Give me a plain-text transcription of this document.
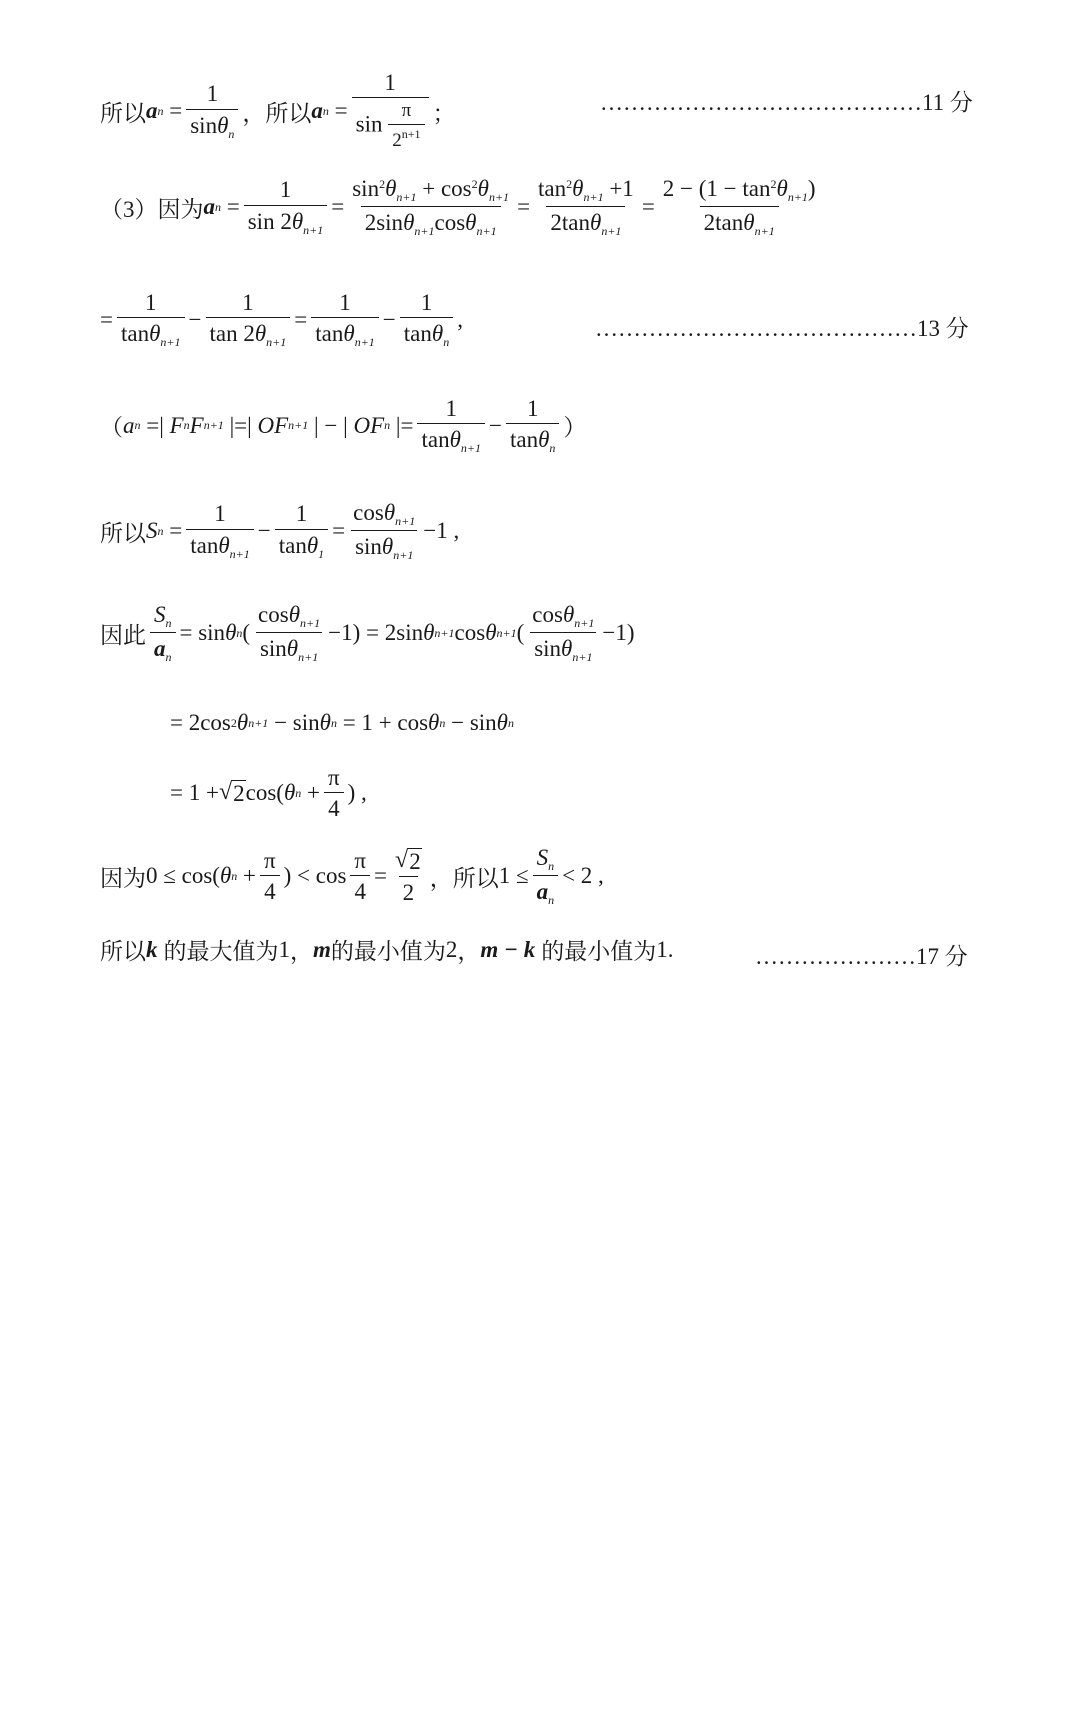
所以 a $n = \frac{1}{\sin\theta_n}$ ， 所以 a $n = \frac{1}{\sin \frac{\pi}{2^{n+1}}}$ ；	……………………………………11 分
（3）因为 a $n = \frac{1}{\sin 2\theta_{n+1}} = \frac{\sin^2\theta_{n+1} + \cos^2\theta_{n+1}}{2\sin\theta_{n+1}\cos\theta_{n+1}} = \frac{\tan^2\theta_{n+1} +1}{2\tan\theta_{n+1}} = \frac{2 - (1 - \tan^2\theta_{n+1})}{2\tan\theta_{n+1}}$
= $\frac{1}{\tan\theta_{n+1}} - \frac{1}{\tan 2\theta_{n+1}} = \frac{1}{\tan\theta_{n+1}} - \frac{1}{\tan\theta_n}$ ,	……………………………………13 分
（ a n =| F n F n+1 |=| OF n+1 | − | OF n |= $\frac{1}{\tan\theta_{n+1}} - \frac{1}{\tan\theta_n}$ ）
所以 S $n = \frac{1}{\tan\theta_{n+1}} - \frac{1}{\tan\theta_1} = \frac{\cos\theta_{n+1}}{\sin\theta_{n+1}} -1$ ,
因此 $\frac{S_n}{a_n} = \sin \theta$ n ( $\frac{\cos\theta_{n+1}}{\sin\theta_{n+1}} -1) = 2\sin$ θ n+1 cos θ n+1 ( $\frac{\cos\theta_{n+1}}{\sin\theta_{n+1}} -1$)
= 2cos 2 θ n+1 − sin θ n = 1 + cos θ n − sin θ n
= 1 + √ 2 cos( θ $n + \frac{\pi}{4}$ ) ,
因为 0 ≤ cos( θ $n + \frac{\pi}{4}$ ) < $\cos \frac{\pi}{4} = \frac{√ 2}{2}$ ， 所以 $1 \le \frac{S_n}{a_n} < 2$ ,
所以 k 的最大值为 1 ， m 的最小值为 2 ， m − k 的最小值为 1 .	…………………17 分
